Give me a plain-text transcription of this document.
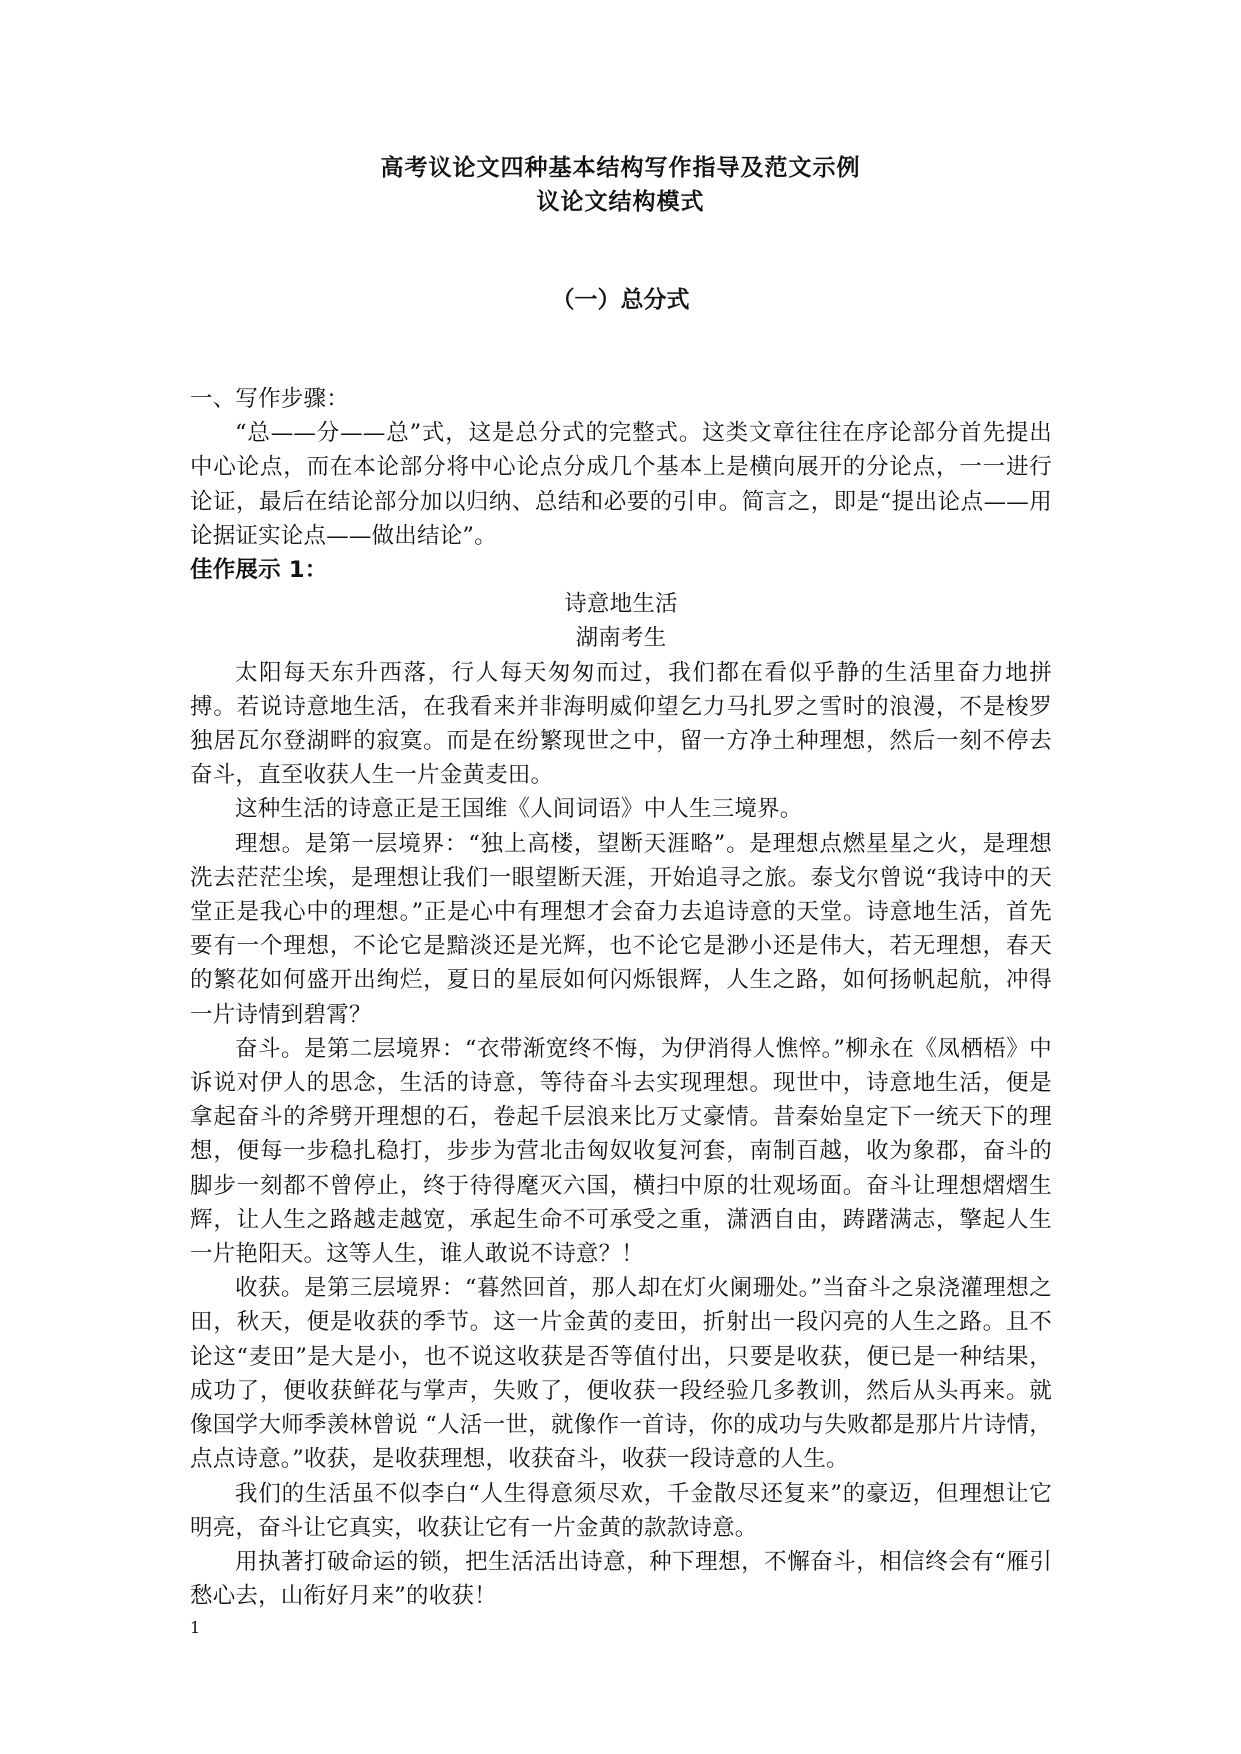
高考议论文四种基本结构写作指导及范文示例
议论文结构模式
（一）总分式

一、写作步骤：

“总——分——总”式，这是总分式的完整式。这类文章往往在序论部分首先提出中心论点，而在本论部分将中心论点分成几个基本上是横向展开的分论点，一一进行论证，最后在结论部分加以归纳、总结和必要的引申。简言之，即是“提出论点——用论据证实论点——做出结论”。

佳作展示 1：

诗意地生活

湖南考生

太阳每天东升西落，行人每天匆匆而过，我们都在看似乎静的生活里奋力地拼搏。若说诗意地生活，在我看来并非海明威仰望乞力马扎罗之雪时的浪漫，不是梭罗独居瓦尔登湖畔的寂寞。而是在纷繁现世之中，留一方净土种理想，然后一刻不停去奋斗，直至收获人生一片金黄麦田。

这种生活的诗意正是王国维《人间词语》中人生三境界。

理想。是第一层境界：“独上高楼，望断天涯略”。是理想点燃星星之火，是理想洗去茫茫尘埃，是理想让我们一眼望断天涯，开始追寻之旅。泰戈尔曾说“我诗中的天堂正是我心中的理想。”正是心中有理想才会奋力去追诗意的天堂。诗意地生活，首先要有一个理想，不论它是黯淡还是光辉，也不论它是渺小还是伟大，若无理想，春天的繁花如何盛开出绚烂，夏日的星辰如何闪烁银辉，人生之路，如何扬帆起航，冲得一片诗情到碧霄？

奋斗。是第二层境界：“衣带渐宽终不悔，为伊消得人憔悴。”柳永在《凤栖梧》中诉说对伊人的思念，生活的诗意，等待奋斗去实现理想。现世中，诗意地生活，便是拿起奋斗的斧劈开理想的石，卷起千层浪来比万丈豪情。昔秦始皇定下一统天下的理想，便每一步稳扎稳打，步步为营北击匈奴收复河套，南制百越，收为象郡，奋斗的脚步一刻都不曾停止，终于待得麾灭六国，横扫中原的壮观场面。奋斗让理想熠熠生辉，让人生之路越走越宽，承起生命不可承受之重，潇洒自由，踌躇满志，擎起人生一片艳阳天。这等人生，谁人敢说不诗意？！

收获。是第三层境界：“暮然回首，那人却在灯火阑珊处。”当奋斗之泉浇灌理想之田，秋天，便是收获的季节。这一片金黄的麦田，折射出一段闪亮的人生之路。且不论这“麦田”是大是小，也不说这收获是否等值付出，只要是收获，便已是一种结果，成功了，便收获鲜花与掌声，失败了，便收获一段经验几多教训，然后从头再来。就像国学大师季羡林曾说 “人活一世，就像作一首诗，你的成功与失败都是那片片诗情，点点诗意。”收获，是收获理想，收获奋斗，收获一段诗意的人生。

我们的生活虽不似李白“人生得意须尽欢，千金散尽还复来”的豪迈，但理想让它明亮，奋斗让它真实，收获让它有一片金黄的款款诗意。

用执著打破命运的锁，把生活活出诗意，种下理想，不懈奋斗，相信终会有“雁引愁心去，山衔好月来”的收获！

1
